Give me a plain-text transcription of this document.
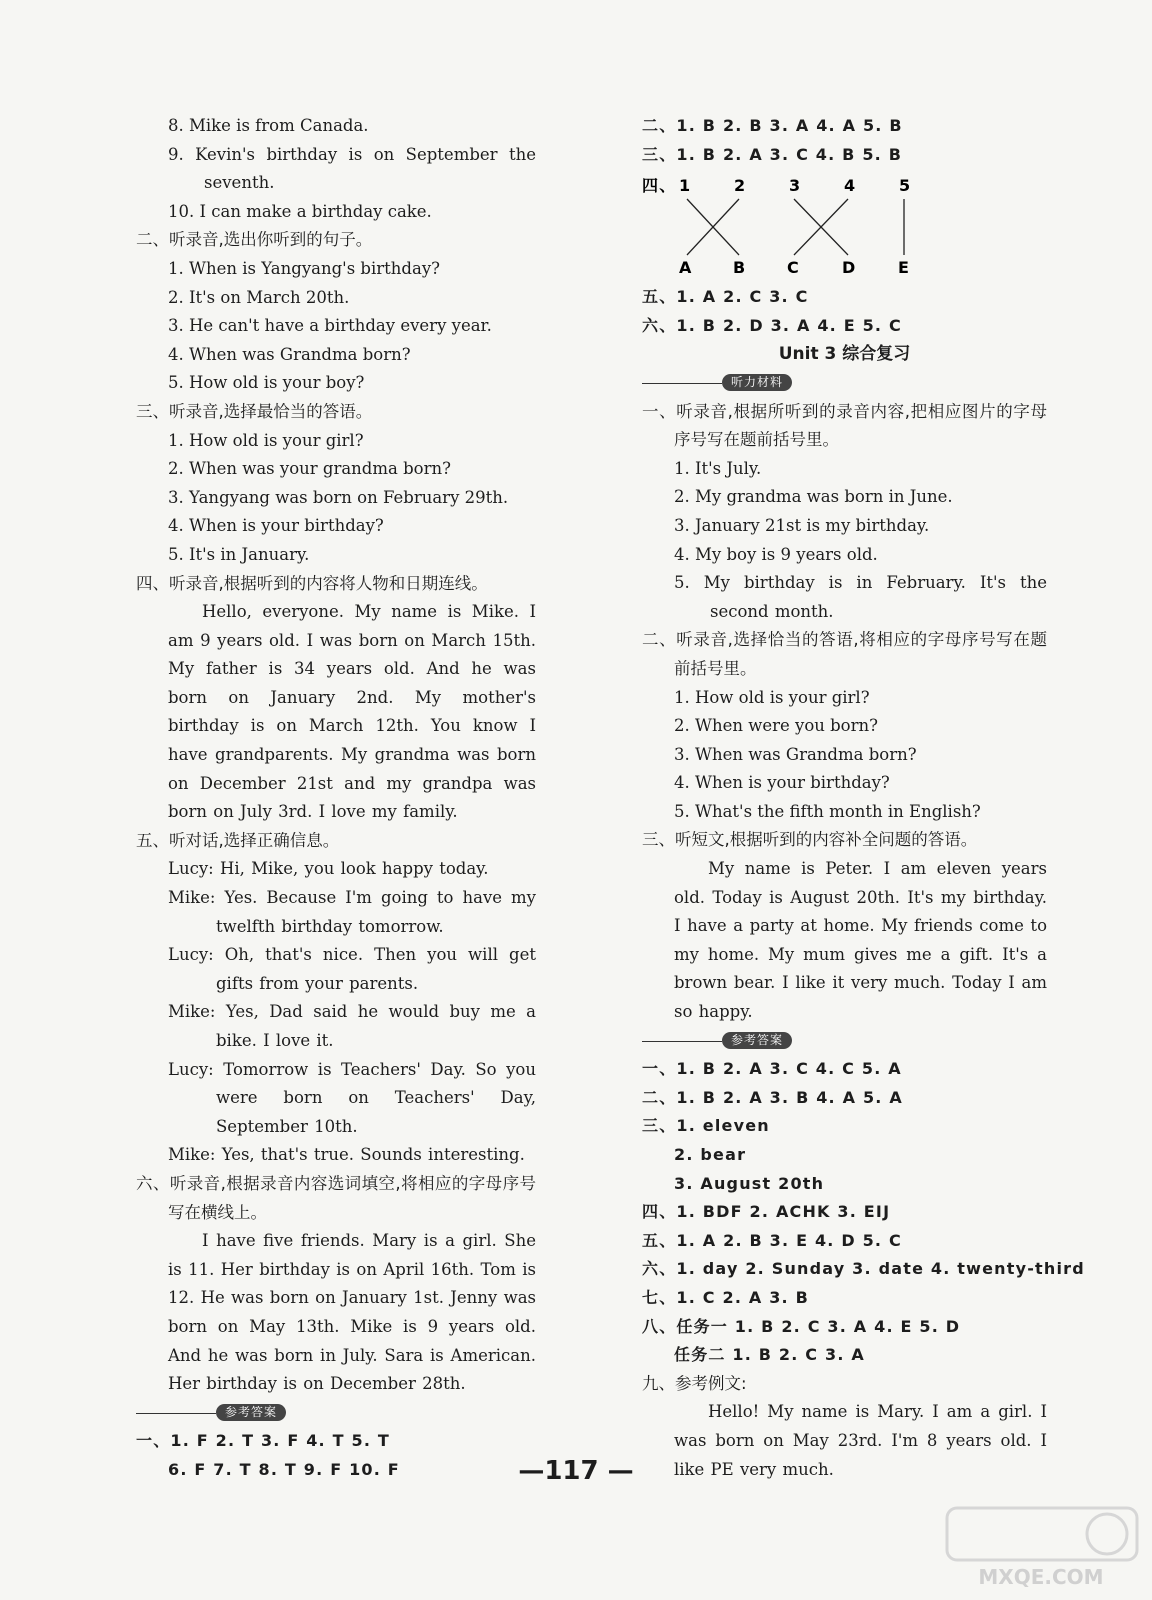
8. Mike is from Canada.
9. Kevin's birthday is on September the seventh.
10. I can make a birthday cake.
二、听录音,选出你听到的句子。
1. When is Yangyang's birthday?
2. It's on March 20th.
3. He can't have a birthday every year.
4. When was Grandma born?
5. How old is your boy?
三、听录音,选择最恰当的答语。
1. How old is your girl?
2. When was your grandma born?
3. Yangyang was born on February 29th.
4. When is your birthday?
5. It's in January.
四、听录音,根据听到的内容将人物和日期连线。
Hello, everyone. My name is Mike. I am 9 years old. I was born on March 15th. My father is 34 years old. And he was born on January 2nd. My mother's birthday is on March 12th. You know I have grandparents. My grandma was born on December 21st and my grandpa was born on July 3rd. I love my family.
五、听对话,选择正确信息。
Lucy: Hi, Mike, you look happy today.
Mike: Yes. Because I'm going to have my twelfth birthday tomorrow.
Lucy: Oh, that's nice. Then you will get gifts from your parents.
Mike: Yes, Dad said he would buy me a bike. I love it.
Lucy: Tomorrow is Teachers' Day. So you were born on Teachers' Day, September 10th.
Mike: Yes, that's true. Sounds interesting.
六、听录音,根据录音内容选词填空,将相应的字母序号写在横线上。
I have five friends. Mary is a girl. She is 11. Her birthday is on April 16th. Tom is 12. He was born on January 1st. Jenny was born on May 13th. Mike is 9 years old. And he was born in July. Sara is American. Her birthday is on December 28th.
参考答案
一、1. F 2. T 3. F 4. T 5. T
6. F 7. T 8. T 9. F 10. F
二、1. B 2. B 3. A 4. A 5. B
三、1. B 2. A 3. C 4. B 5. B
四、 1	2	3	4	5
A	B	C	D	E
五、1. A 2. C 3. C
六、1. B 2. D 3. A 4. E 5. C
Unit 3 综合复习
听力材料
一、听录音,根据所听到的录音内容,把相应图片的字母序号写在题前括号里。
1. It's July.
2. My grandma was born in June.
3. January 21st is my birthday.
4. My boy is 9 years old.
5. My birthday is in February. It's the second month.
二、听录音,选择恰当的答语,将相应的字母序号写在题前括号里。
1. How old is your girl?
2. When were you born?
3. When was Grandma born?
4. When is your birthday?
5. What's the fifth month in English?
三、听短文,根据听到的内容补全问题的答语。
My name is Peter. I am eleven years old. Today is August 20th. It's my birthday. I have a party at home. My friends come to my home. My mum gives me a gift. It's a brown bear. I like it very much. Today I am so happy.
参考答案
一、1. B 2. A 3. C 4. C 5. A
二、1. B 2. A 3. B 4. A 5. A
三、1. eleven
2. bear
3. August 20th
四、1. BDF 2. ACHK 3. EIJ
五、1. A 2. B 3. E 4. D 5. C
六、1. day 2. Sunday 3. date 4. twenty-third
七、1. C 2. A 3. B
八、任务一 1. B 2. C 3. A 4. E 5. D
任务二 1. B 2. C 3. A
九、参考例文:
Hello! My name is Mary. I am a girl. I was born on May 23rd. I'm 8 years old. I like PE very much.
—117 —
MXQE.COM
